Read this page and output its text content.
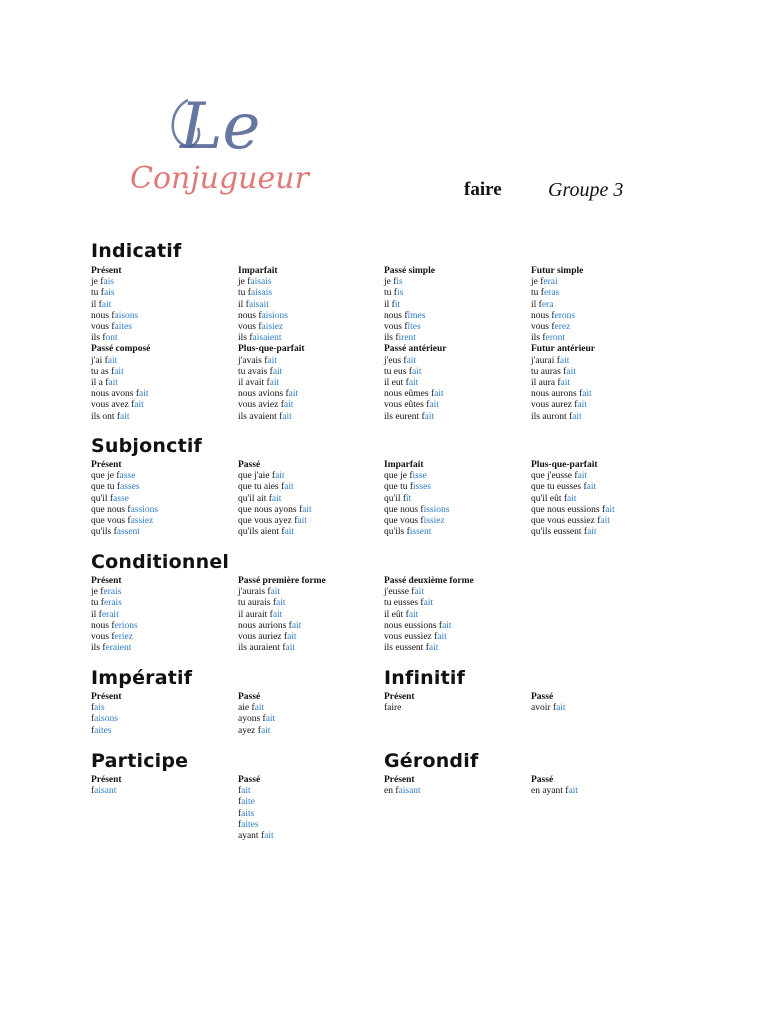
Le
Conjugueur	faire Groupe 3
Indicatif
Présent
je fais
tu fais
il fait
nous faisons
vous faites
ils font
Passé composé
j'ai fait
tu as fait
il a fait
nous avons fait
vous avez fait
ils ont fait
Imparfait
je faisais
tu faisais
il faisait
nous faisions
vous faisiez
ils faisaient
Plus-que-parfait
j'avais fait
tu avais fait
il avait fait
nous avions fait
vous aviez fait
ils avaient fait
Passé simple
je fis
tu fis
il fit
nous fîmes
vous fîtes
ils firent
Passé antérieur
j'eus fait
tu eus fait
il eut fait
nous eûmes fait
vous eûtes fait
ils eurent fait
Futur simple
je ferai
tu feras
il fera
nous ferons
vous ferez
ils feront
Futur antérieur
j'aurai fait
tu auras fait
il aura fait
nous aurons fait
vous aurez fait
ils auront fait
Subjonctif
Présent
que je fasse
que tu fasses
qu'il fasse
que nous fassions
que vous fassiez
qu'ils fassent
Passé
que j'aie fait
que tu aies fait
qu'il ait fait
que nous ayons fait
que vous ayez fait
qu'ils aient fait
Imparfait
que je fisse
que tu fisses
qu'il fît
que nous fissions
que vous fissiez
qu'ils fissent
Plus-que-parfait
que j'eusse fait
que tu eusses fait
qu'il eût fait
que nous eussions fait
que vous eussiez fait
qu'ils eussent fait
Conditionnel
Présent
je ferais
tu ferais
il ferait
nous ferions
vous feriez
ils feraient
Passé première forme
j'aurais fait
tu aurais fait
il aurait fait
nous aurions fait
vous auriez fait
ils auraient fait
Passé deuxième forme
j'eusse fait
tu eusses fait
il eût fait
nous eussions fait
vous eussiez fait
ils eussent fait
Impératif
Présent
fais
faisons
faites
Passé
aie fait
ayons fait
ayez fait
Infinitif
Présent
faire
Passé
avoir fait
Participe
Présent
faisant
Passé
fait
faite
faits
faites
ayant fait
Gérondif
Présent
en faisant
Passé
en ayant fait
